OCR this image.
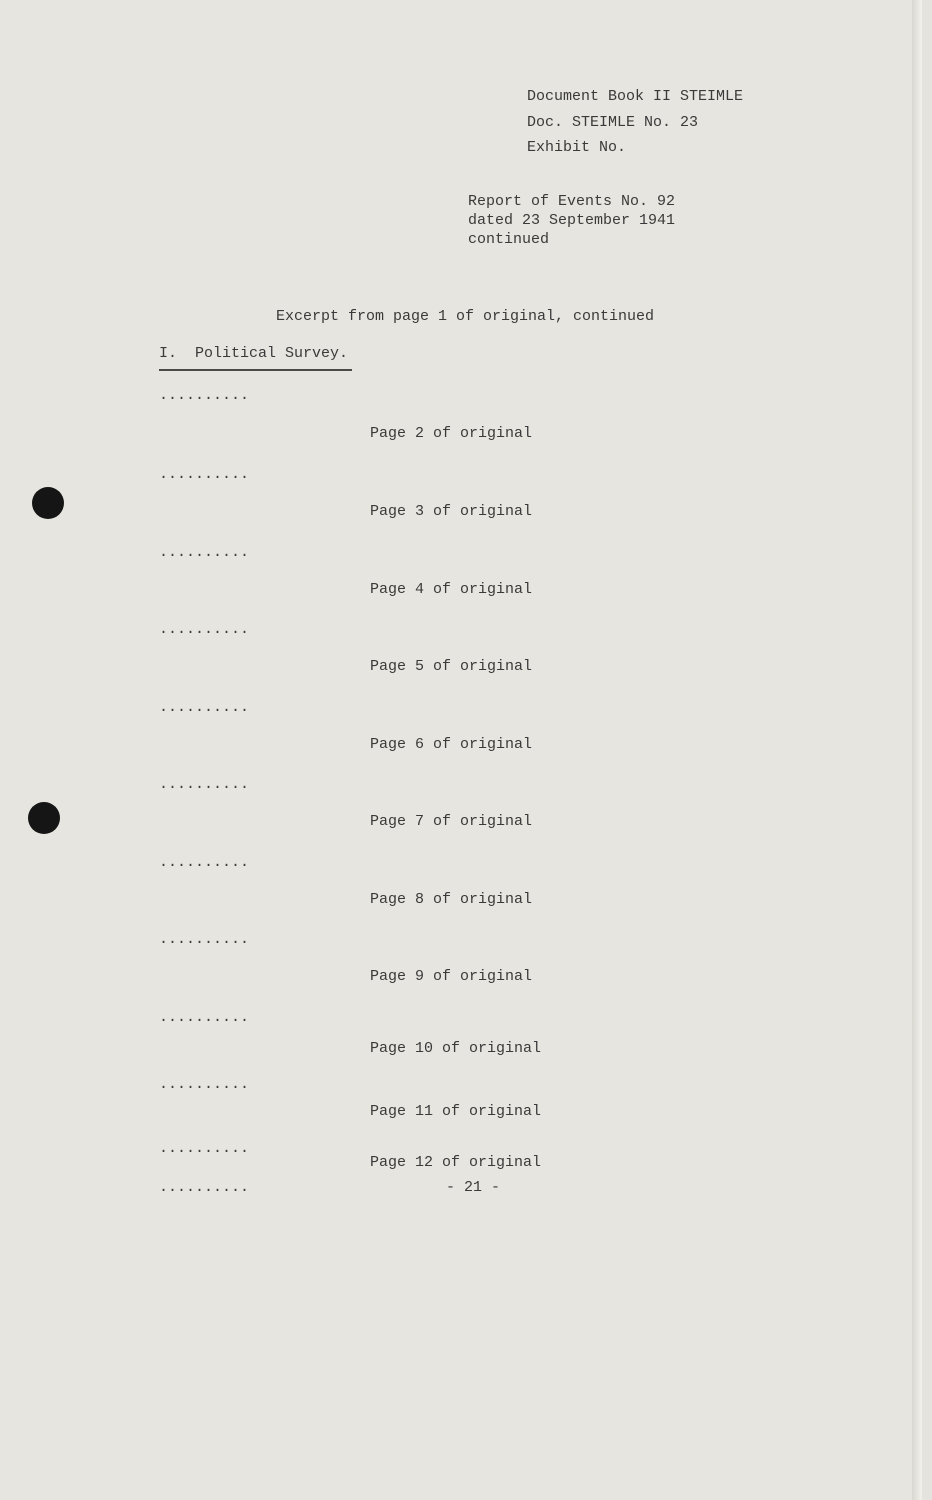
Document Book II STEIMLE
Doc. STEIMLE No. 23
Exhibit No.
Report of Events No. 92
dated 23 September 1941
continued
Excerpt from page 1 of original, continued
I.  Political Survey.
..........
Page 2 of original
..........
Page 3 of original
..........
Page 4 of original
..........
Page 5 of original
..........
Page 6 of original
..........
Page 7 of original
..........
Page 8 of original
..........
Page 9 of original
..........
Page 10 of original
..........
Page 11 of original
..........
Page 12 of original
..........	- 21 -
